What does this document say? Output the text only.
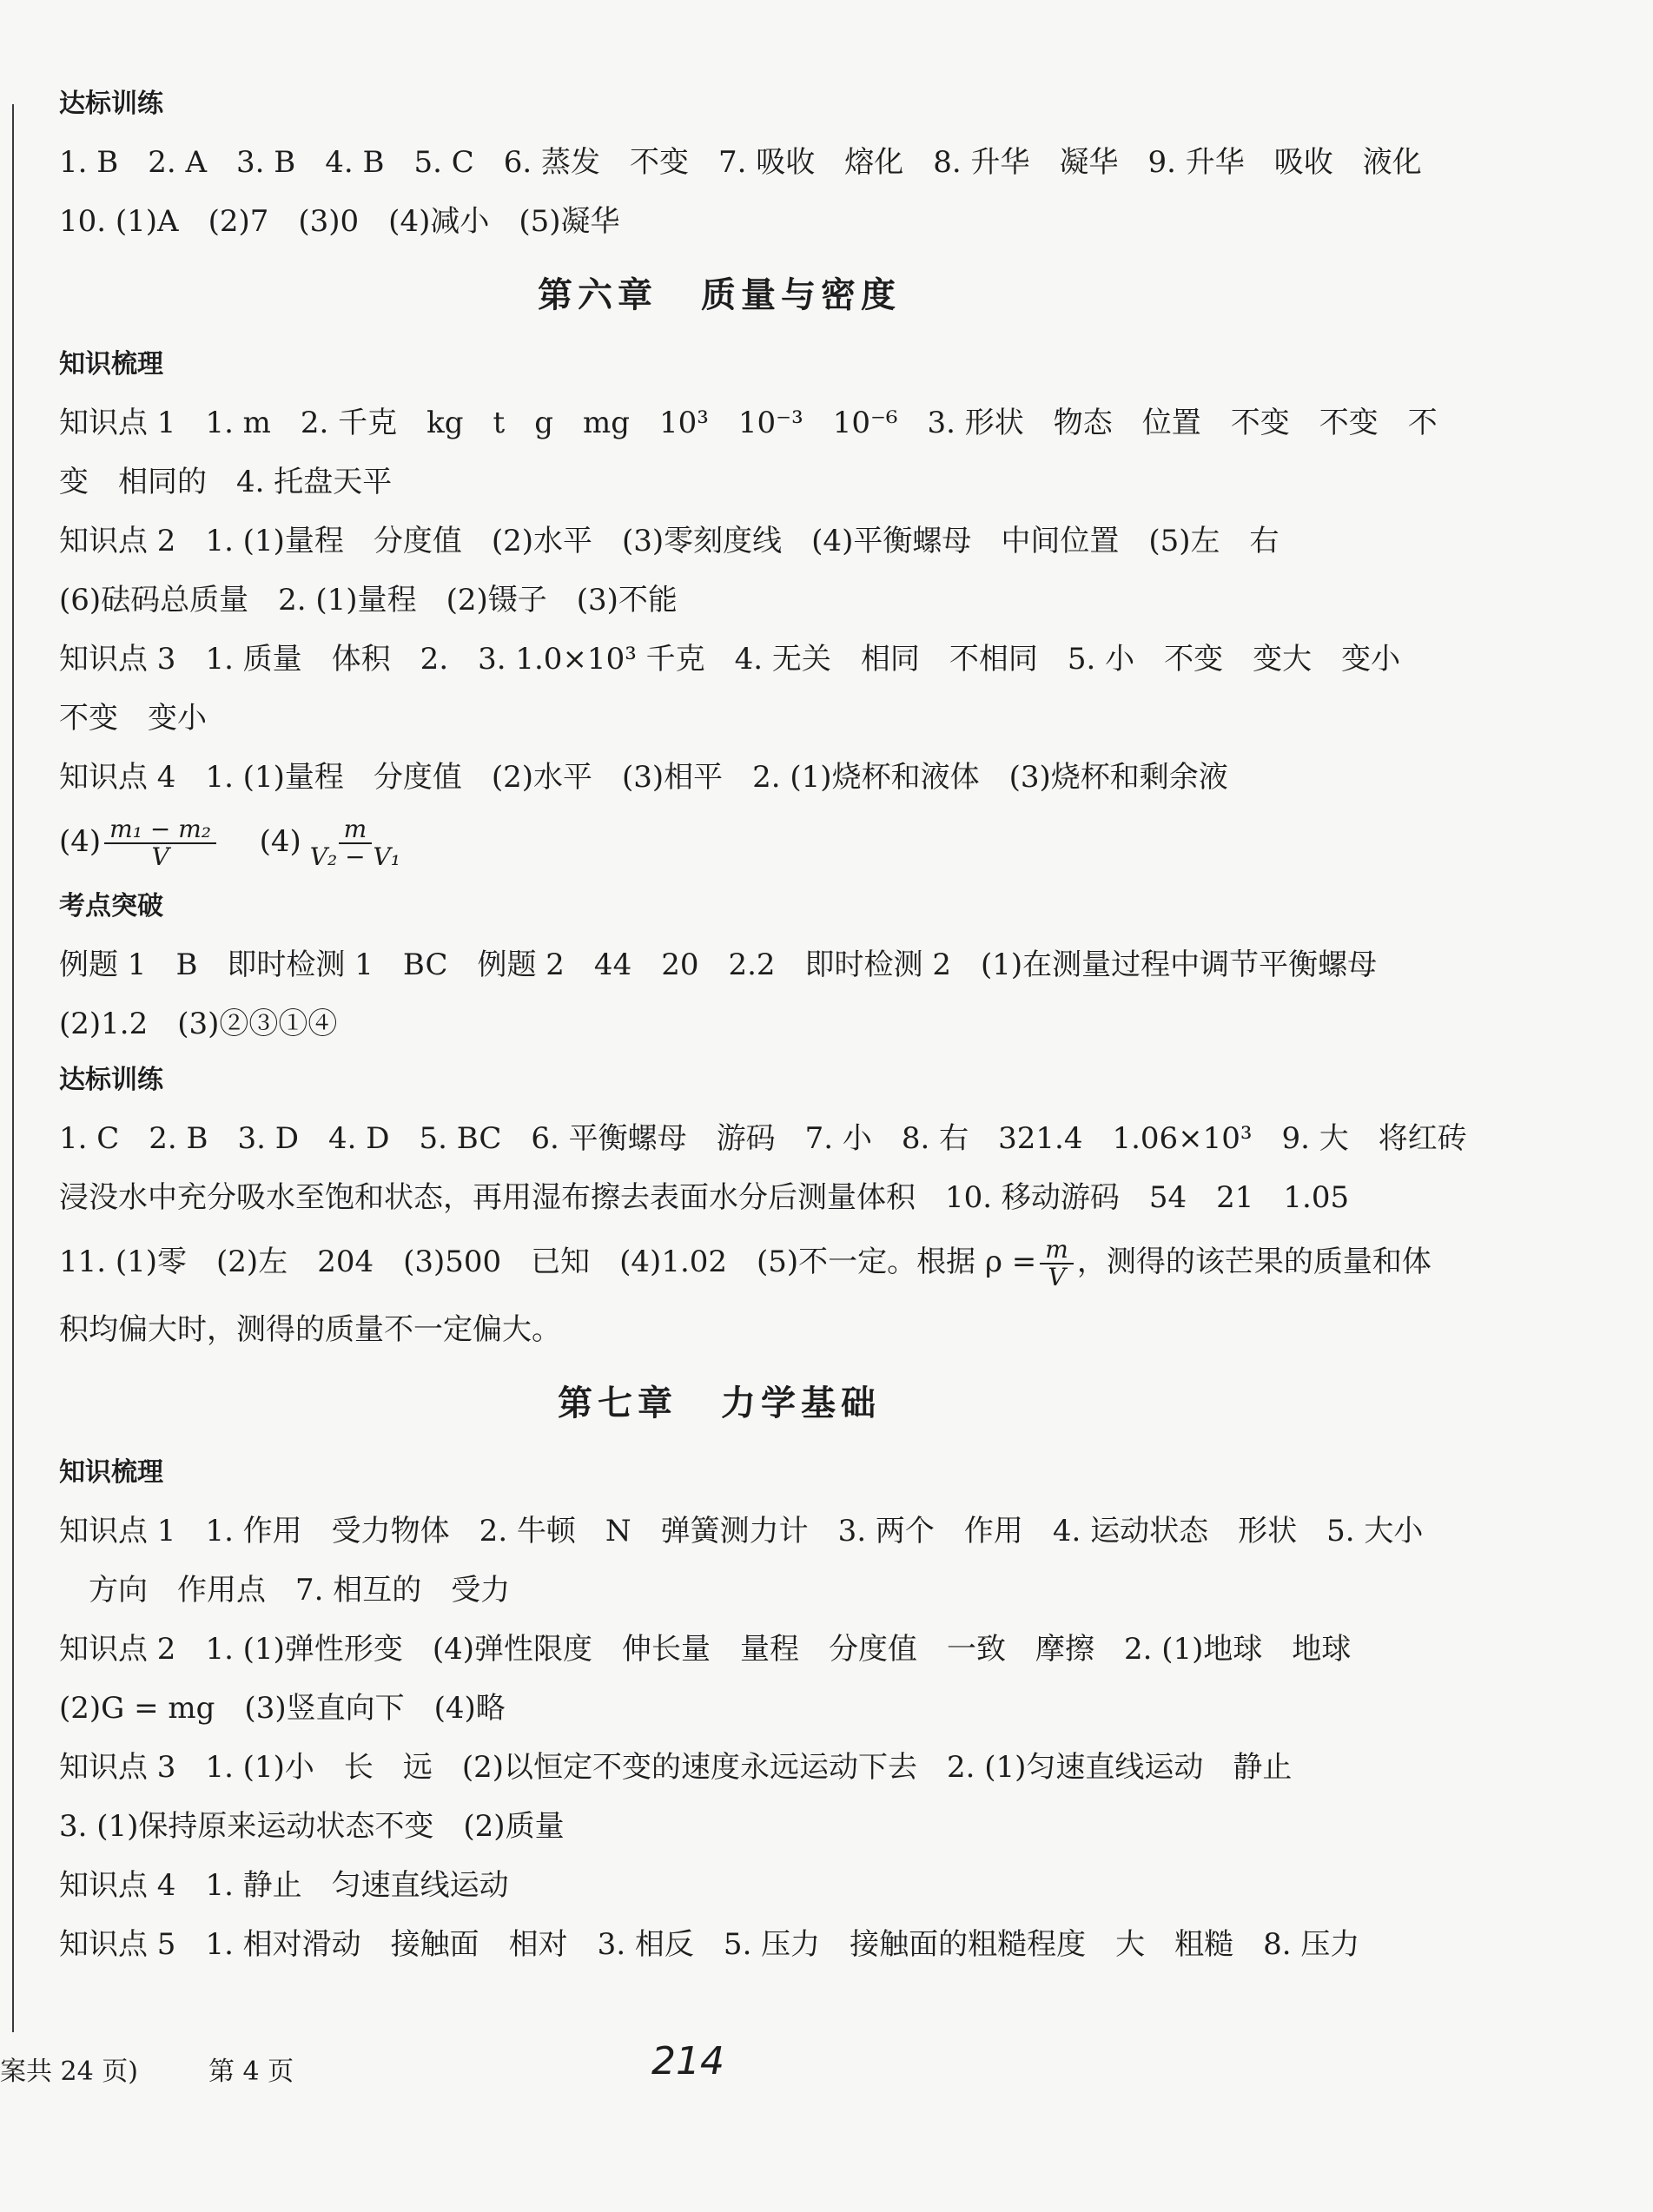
达标训练
1. B　2. A　3. B　4. B　5. C　6. 蒸发　不变　7. 吸收　熔化　8. 升华　凝华　9. 升华　吸收　液化
10. (1)A　(2)7　(3)0　(4)减小　(5)凝华
第六章 质量与密度
知识梳理
知识点 1　1. m　2. 千克　kg　t　g　mg　10³　10⁻³　10⁻⁶　3. 形状　物态　位置　不变　不变　不
变　相同的　4. 托盘天平
知识点 2　1. (1)量程　分度值　(2)水平　(3)零刻度线　(4)平衡螺母　中间位置　(5)左　右
(6)砝码总质量　2. (1)量程　(2)镊子　(3)不能
知识点 3　1. 质量　体积　2.　3. 1.0×10³ 千克　4. 无关　相同　不相同　5. 小　不变　变大　变小
不变　变小
知识点 4　1. (1)量程　分度值　(2)水平　(3)相平　2. (1)烧杯和液体　(3)烧杯和剩余液
$(4) \frac{\text{m₁ − m₂}}{V} (4) \frac{m}{\text{V₂ − V₁}}$
考点突破
例题 1　B　即时检测 1　BC　例题 2　44　20　2.2　即时检测 2　(1)在测量过程中调节平衡螺母
(2)1.2　(3)②③①④
达标训练
1. C　2. B　3. D　4. D　5. BC　6. 平衡螺母　游码　7. 小　8. 右　321.4　1.06×10³　9. 大　将红砖
浸没水中充分吸水至饱和状态，再用湿布擦去表面水分后测量体积　10. 移动游码　54　21　1.05
11. (1)零　(2)左　204　(3)500　已知　(4)1.02　(5)不一定。根据 $\rho = \frac{m}{V}$ ，测得的该芒果的质量和体
积均偏大时，测得的质量不一定偏大。
第七章 力学基础
知识梳理
知识点 1　1. 作用　受力物体　2. 牛顿　N　弹簧测力计　3. 两个　作用　4. 运动状态　形状　5. 大小
　方向　作用点　7. 相互的　受力
知识点 2　1. (1)弹性形变　(4)弹性限度　伸长量　量程　分度值　一致　摩擦　2. (1)地球　地球
(2)G = mg　(3)竖直向下　(4)略
知识点 3　1. (1)小　长　远　(2)以恒定不变的速度永远运动下去　2. (1)匀速直线运动　静止
3. (1)保持原来运动状态不变　(2)质量
知识点 4　1. 静止　匀速直线运动
知识点 5　1. 相对滑动　接触面　相对　3. 相反　5. 压力　接触面的粗糙程度　大　粗糙　8. 压力
案共 24 页)	第 4 页	214
